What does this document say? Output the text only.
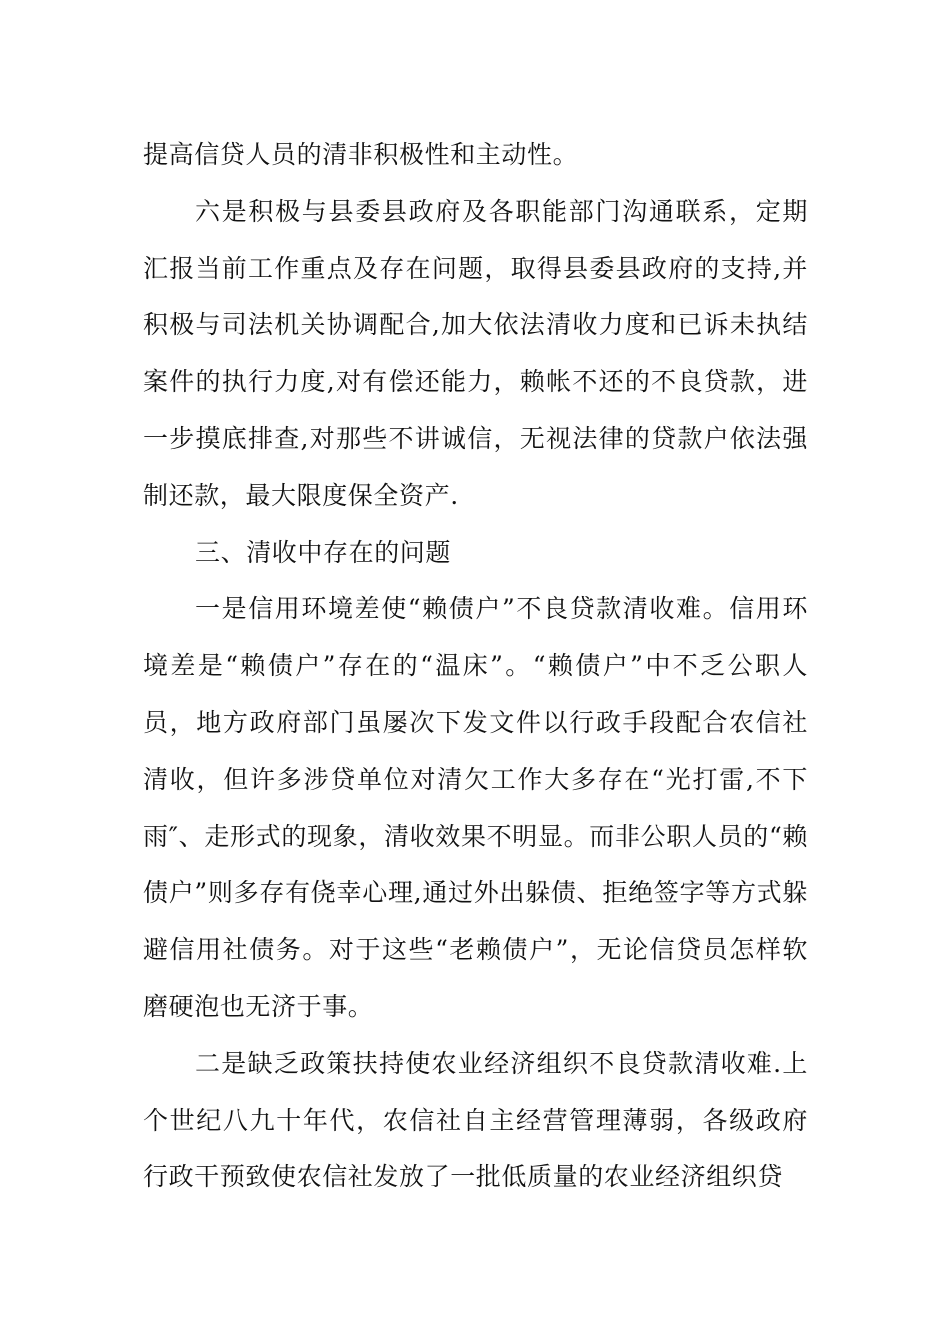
提高信贷人员的清非积极性和主动性。

六是积极与县委县政府及各职能部门沟通联系，定期汇报当前工作重点及存在问题，取得县委县政府的支持,并积极与司法机关协调配合,加大依法清收力度和已诉未执结案件的执行力度,对有偿还能力，赖帐不还的不良贷款，进一步摸底排查,对那些不讲诚信，无视法律的贷款户依法强制还款，最大限度保全资产.

三、清收中存在的问题

一是信用环境差使“赖债户”不良贷款清收难。信用环境差是“赖债户”存在的“温床”。“赖债户”中不乏公职人员，地方政府部门虽屡次下发文件以行政手段配合农信社清收，但许多涉贷单位对清欠工作大多存在“光打雷,不下雨″、走形式的现象，清收效果不明显。而非公职人员的“赖债户”则多存有侥幸心理,通过外出躲债、拒绝签字等方式躲避信用社债务。对于这些“老赖债户”，无论信贷员怎样软磨硬泡也无济于事。

二是缺乏政策扶持使农业经济组织不良贷款清收难.上个世纪八九十年代，农信社自主经营管理薄弱，各级政府行政干预致使农信社发放了一批低质量的农业经济组织贷
